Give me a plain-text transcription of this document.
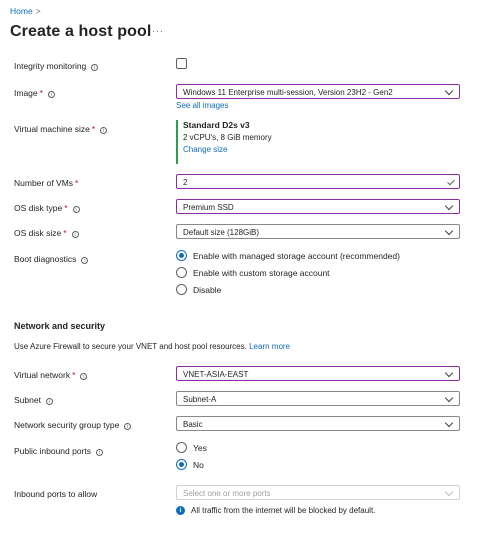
Home >
Create a host pool ···
Integrity monitoring i
Image * i	Windows 11 Enterprise multi-session, Version 23H2 - Gen2
See all images
Virtual machine size * i
Standard D2s v3
2 vCPU's, 8 GiB memory
Change size
Number of VMs *	2
OS disk type * i	Premium SSD
OS disk size * i	Default size (128GiB)
Boot diagnostics i
Enable with managed storage account (recommended)
Enable with custom storage account
Disable
Network and security
Use Azure Firewall to secure your VNET and host pool resources. Learn more
Virtual network * i	VNET-ASIA-EAST
Subnet i	Subnet-A
Network security group type i	Basic
Public inbound ports i
Yes
No
Inbound ports to allow	Select one or more ports
i	All traffic from the internet will be blocked by default.
